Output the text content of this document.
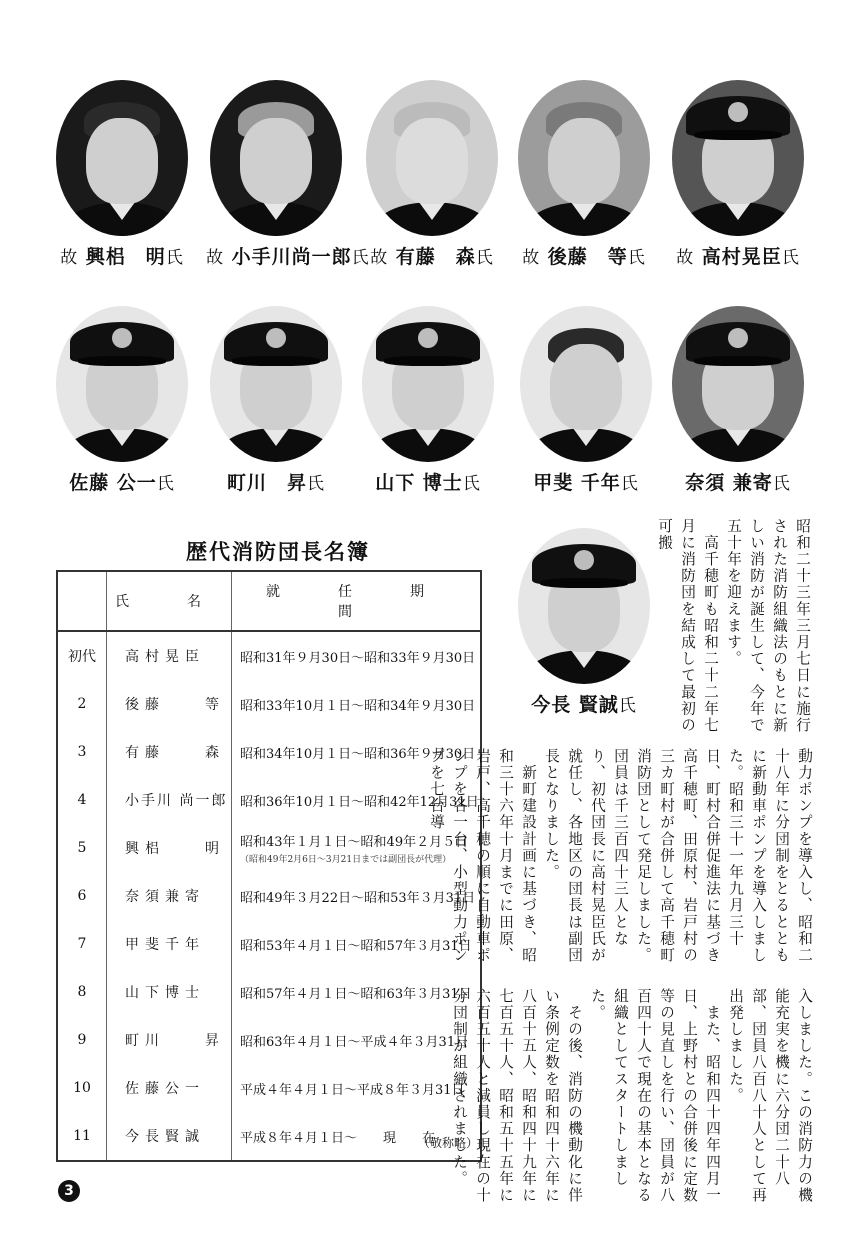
故 興梠　明氏 故 小手川尚一郎氏 故 有藤　森氏 故 後藤　等氏 故 高村晃臣氏
佐藤 公一氏	町川　昇氏	山下 博士氏	甲斐 千年氏	奈須 兼寄氏
今長 賢誠氏
歴代消防団長名簿
	氏　名	就　任　期　間
初代	高村晃臣	昭和31年９月30日〜昭和33年９月30日
2	後藤　　等	昭和33年10月１日〜昭和34年９月30日
3	有藤　　森	昭和34年10月１日〜昭和36年９月30日
4	小手川 尚一郎	昭和36年10月１日〜昭和42年12月31日
5	興梠　　明	昭和43年１月１日〜昭和49年２月５日
（昭和49年2月6日〜3月21日までは副団長が代理）

6	奈須兼寄	昭和49年３月22日〜昭和53年３月31日
7	甲斐千年	昭和53年４月１日〜昭和57年３月31日
8	山下博士	昭和57年４月１日〜昭和63年３月31日
9	町川　　昇	昭和63年４月１日〜平成４年３月31日
10	佐藤公一	平成４年４月１日〜平成８年３月31日
11	今長賢誠	平成８年４月１日〜　　現　　在
（敬称略）
昭和二十三年三月七日に施行された消防組織法のもとに新しい消防が誕生して、今年で五十年を迎えます。
　高千穂町も昭和二十二年七月に消防団を結成して最初の可搬
動力ポンプを導入し、昭和二十八年に分団制をとるとともに新動車ポンプを導入しました。昭和三十一年九月三十日、町村合併促進法に基づき高千穂町、田原村、岩戸村の三カ町村が合併して高千穂町消防団として発足しました。団員は千三百四十三人となり、初代団長に高村晃臣氏が就任し、各地区の団長は副団長となりました。
　新町建設計画に基づき、昭和三十六年十月までに田原、岩戸、高千穂の順に自動車ポンプを各一台、小型動力ポンプを七台導
入しました。この消防力の機能充実を機に六分団二十八部、団員八百八十人として再出発しました。
　また、昭和四十四年四月一日、上野村との合併後に定数等の見直しを行い、団員が八百四十人で現在の基本となる組織としてスタートしました。
　その後、消防の機動化に伴い条例定数を昭和四十六年に八百十五人、昭和四十九年に七百五十人、昭和五十五年に六百五十人と減員し現在の十分団制が組織されました。
3
